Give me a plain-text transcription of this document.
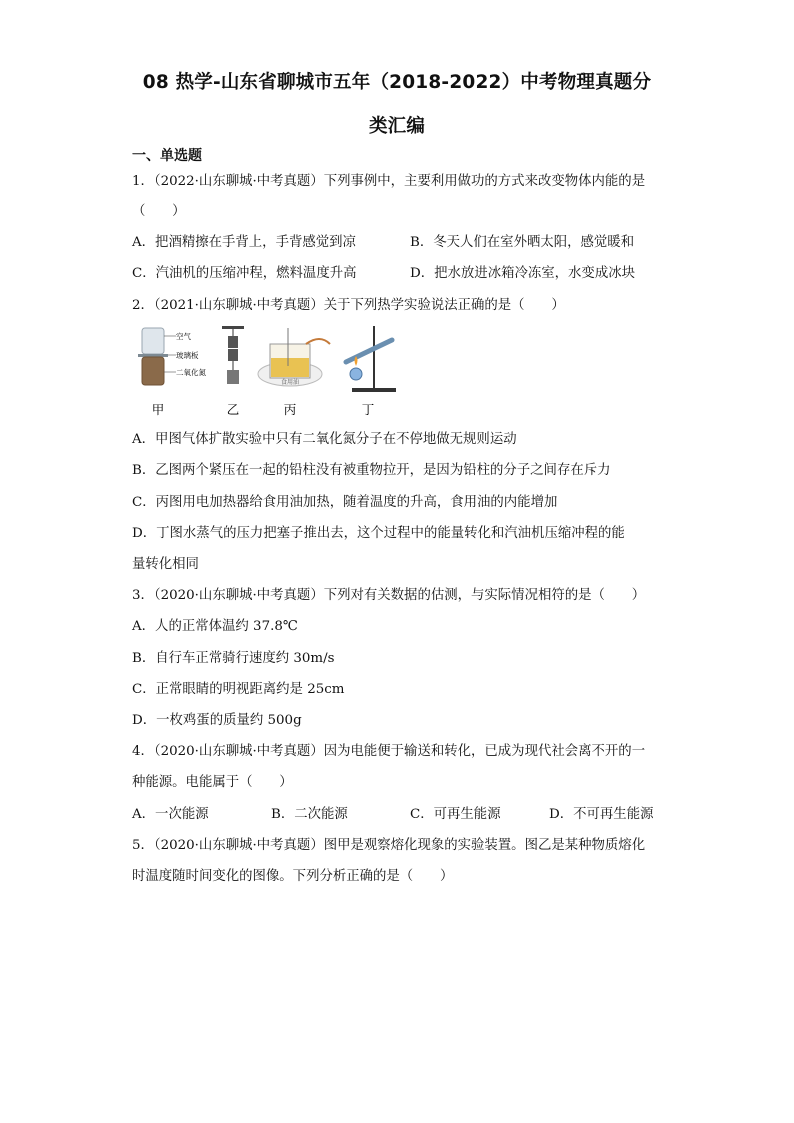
08 热学-山东省聊城市五年（2018-2022）中考物理真题分
类汇编
一、单选题
1．（2022·山东聊城·中考真题）下列事例中，主要利用做功的方式来改变物体内能的是
（　　）
A．把酒精擦在手背上，手背感觉到凉	B．冬天人们在室外晒太阳，感觉暖和
C．汽油机的压缩冲程，燃料温度升高	D．把水放进冰箱冷冻室，水变成冰块
2．（2021·山东聊城·中考真题）关于下列热学实验说法正确的是（　　）
空气
玻璃板
二氧化氮
食用油
甲	乙	丙	丁
A．甲图气体扩散实验中只有二氧化氮分子在不停地做无规则运动
B．乙图两个紧压在一起的铅柱没有被重物拉开，是因为铅柱的分子之间存在斥力
C．丙图用电加热器给食用油加热，随着温度的升高，食用油的内能增加
D．丁图水蒸气的压力把塞子推出去，这个过程中的能量转化和汽油机压缩冲程的能
量转化相同
3．（2020·山东聊城·中考真题）下列对有关数据的估测，与实际情况相符的是（　　）
A．人的正常体温约 37.8℃
B．自行车正常骑行速度约 30m/s
C．正常眼睛的明视距离约是 25cm
D．一枚鸡蛋的质量约 500g
4．（2020·山东聊城·中考真题）因为电能便于输送和转化，已成为现代社会离不开的一
种能源。电能属于（　　）
A．一次能源	B．二次能源	C．可再生能源	D．不可再生能源
5．（2020·山东聊城·中考真题）图甲是观察熔化现象的实验装置。图乙是某种物质熔化
时温度随时间变化的图像。下列分析正确的是（　　）
